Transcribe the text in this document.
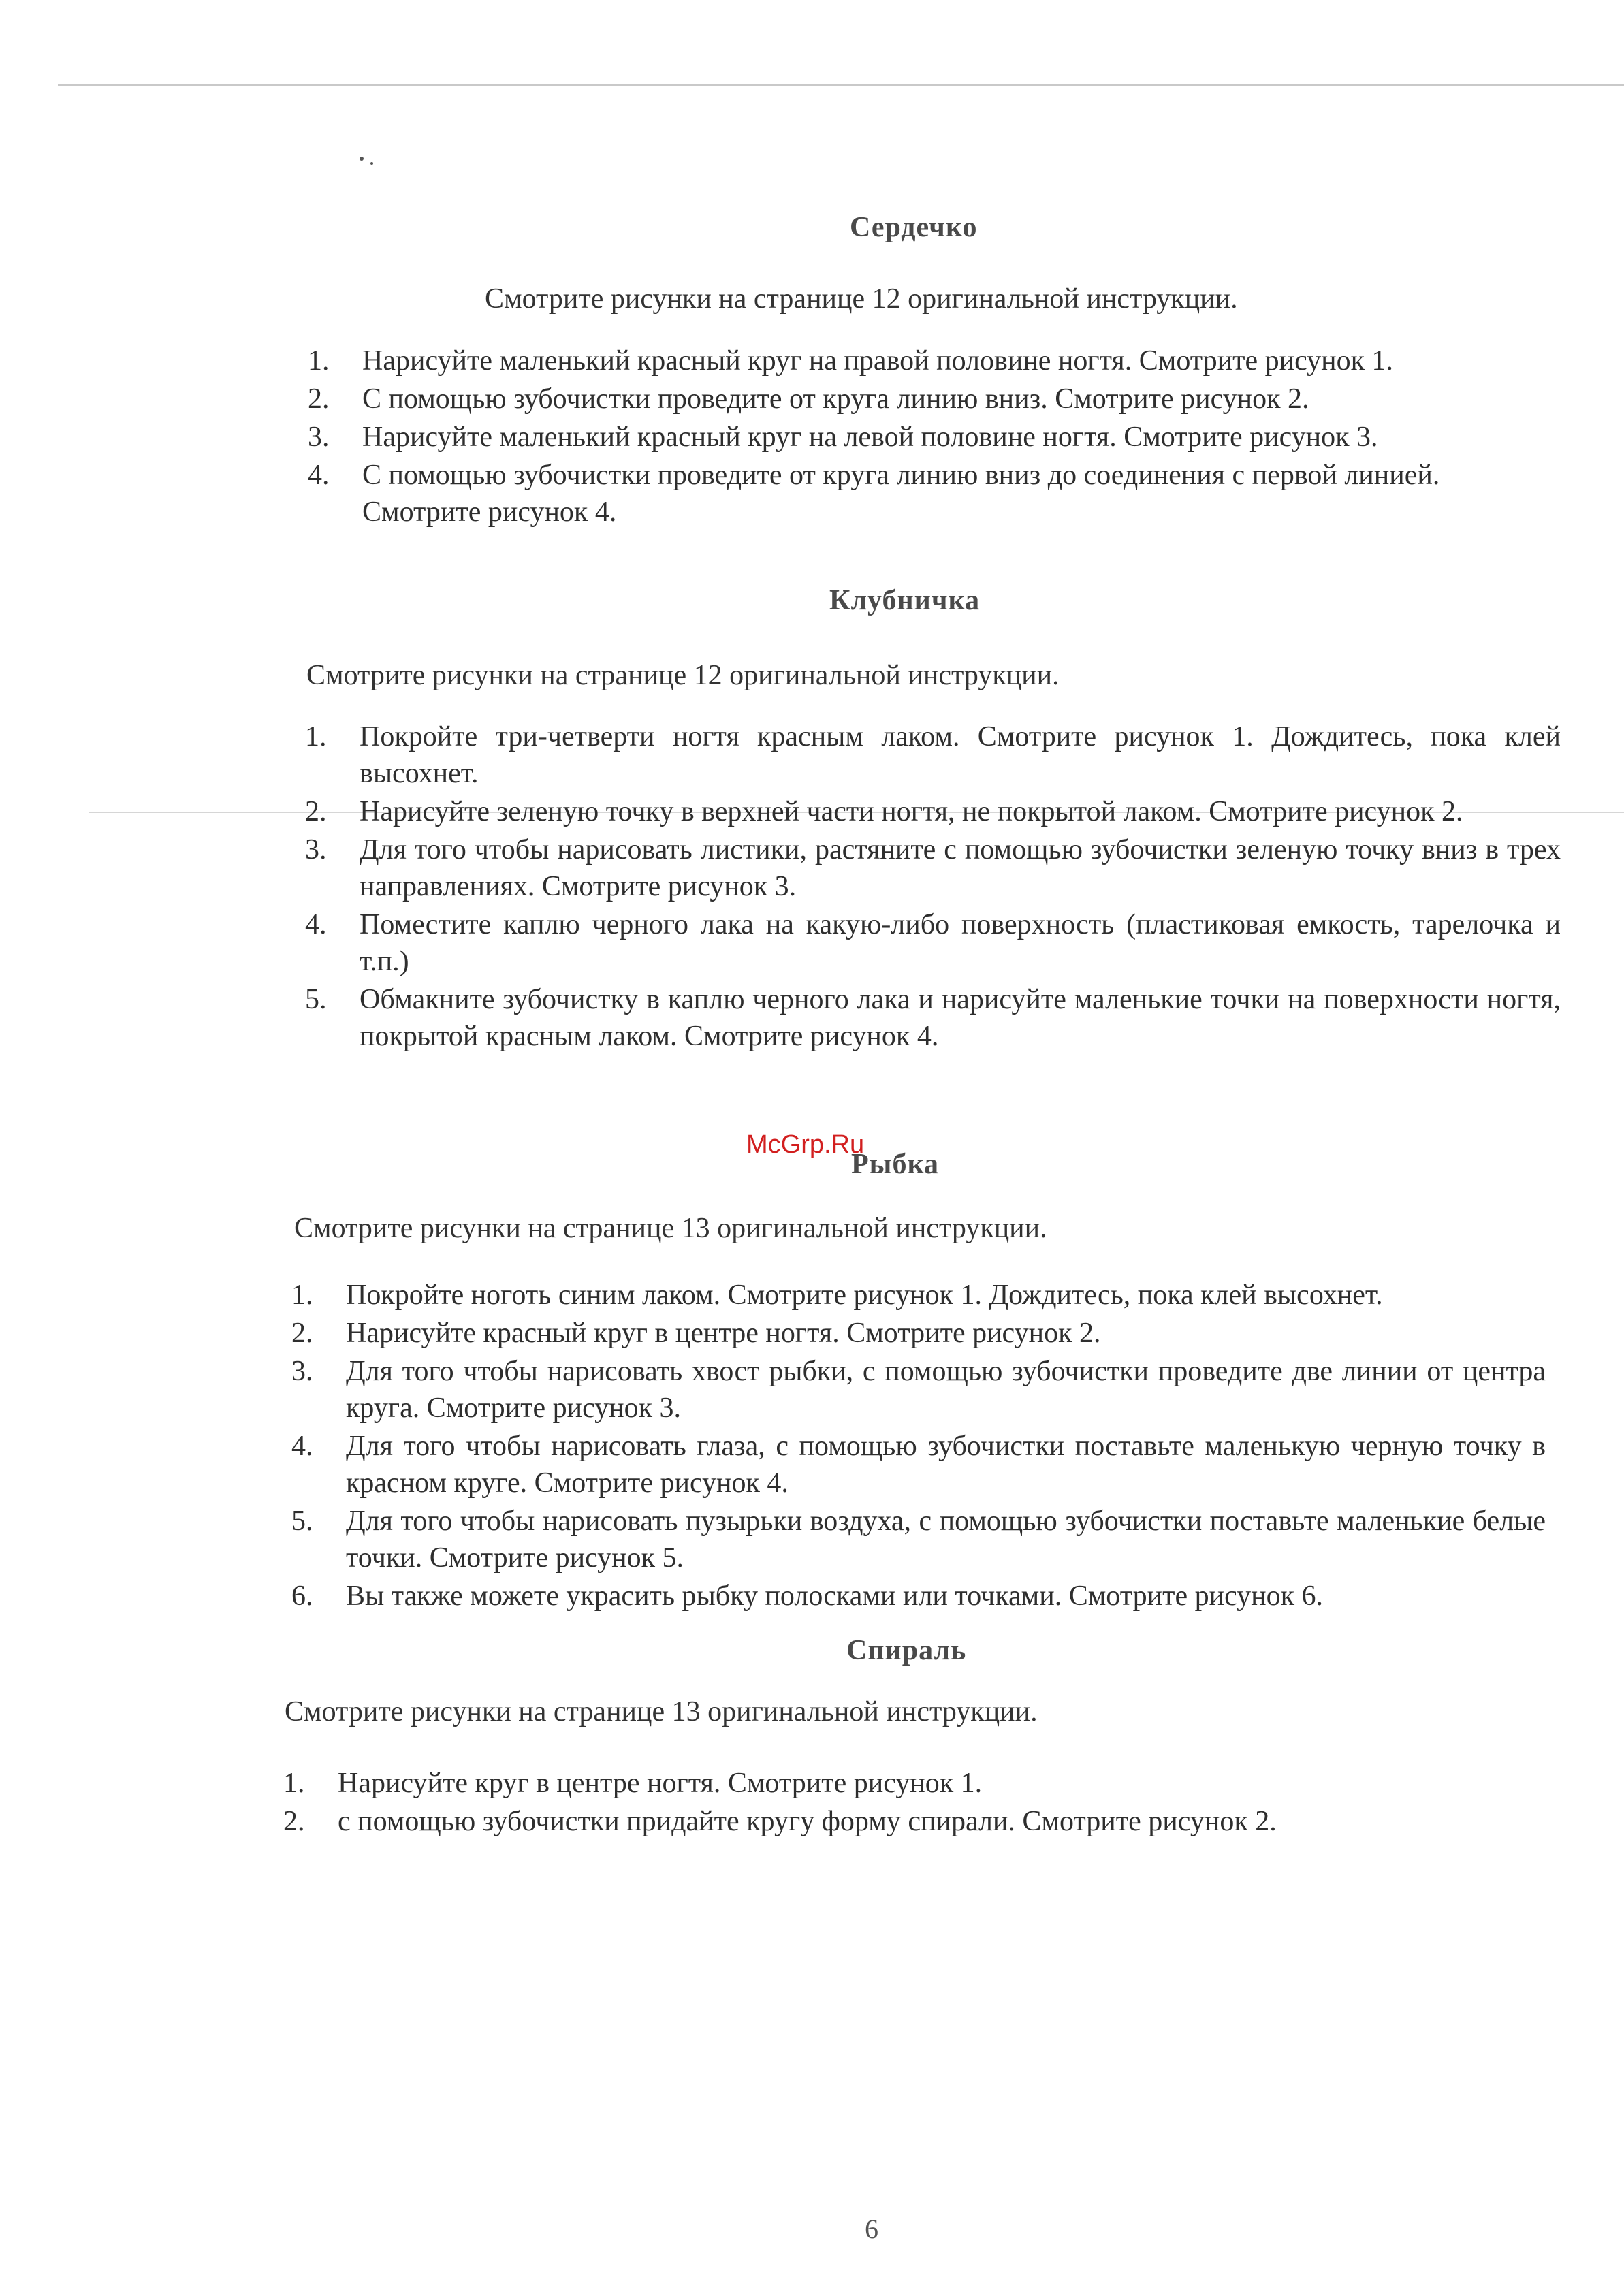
Сердечко
Смотрите рисунки на странице 12 оригинальной инструкции.
1. Нарисуйте маленький красный круг на правой половине ногтя. Смотрите рисунок 1.
2. С помощью зубочистки проведите от круга линию вниз. Смотрите рисунок 2.
3. Нарисуйте маленький красный круг на левой половине ногтя. Смотрите рисунок 3.
4. С помощью зубочистки проведите от круга линию вниз до соединения с первой линией. Смотрите рисунок 4.
Клубничка
Смотрите рисунки на странице 12 оригинальной инструкции.
1. Покройте три-четверти ногтя красным лаком. Смотрите рисунок 1. Дождитесь, пока клей высохнет.
2. Нарисуйте зеленую точку в верхней части ногтя, не покрытой лаком. Смотрите рисунок 2.
3. Для того чтобы нарисовать листики, растяните с помощью зубочистки зеленую точку вниз в трех направлениях. Смотрите рисунок 3.
4. Поместите каплю черного лака на какую-либо поверхность (пластиковая емкость, тарелочка и т.п.)
5. Обмакните зубочистку в каплю черного лака и нарисуйте маленькие точки на поверхности ногтя, покрытой красным лаком. Смотрите рисунок 4.
McGrp.Ru
Рыбка
Смотрите рисунки на странице 13 оригинальной инструкции.
1. Покройте ноготь синим лаком. Смотрите рисунок 1. Дождитесь, пока клей высохнет.
2. Нарисуйте красный круг в центре ногтя. Смотрите рисунок 2.
3. Для того чтобы нарисовать хвост рыбки, с помощью зубочистки проведите две линии от центра круга. Смотрите рисунок 3.
4. Для того чтобы нарисовать глаза, с помощью зубочистки поставьте маленькую черную точку в красном круге. Смотрите рисунок 4.
5. Для того чтобы нарисовать пузырьки воздуха, с помощью зубочистки поставьте маленькие белые точки. Смотрите рисунок 5.
6. Вы также можете украсить рыбку полосками или точками. Смотрите рисунок 6.
Спираль
Смотрите рисунки на странице 13 оригинальной инструкции.
1. Нарисуйте круг в центре ногтя. Смотрите рисунок 1.
2. с помощью зубочистки придайте кругу форму спирали. Смотрите рисунок 2.
6
